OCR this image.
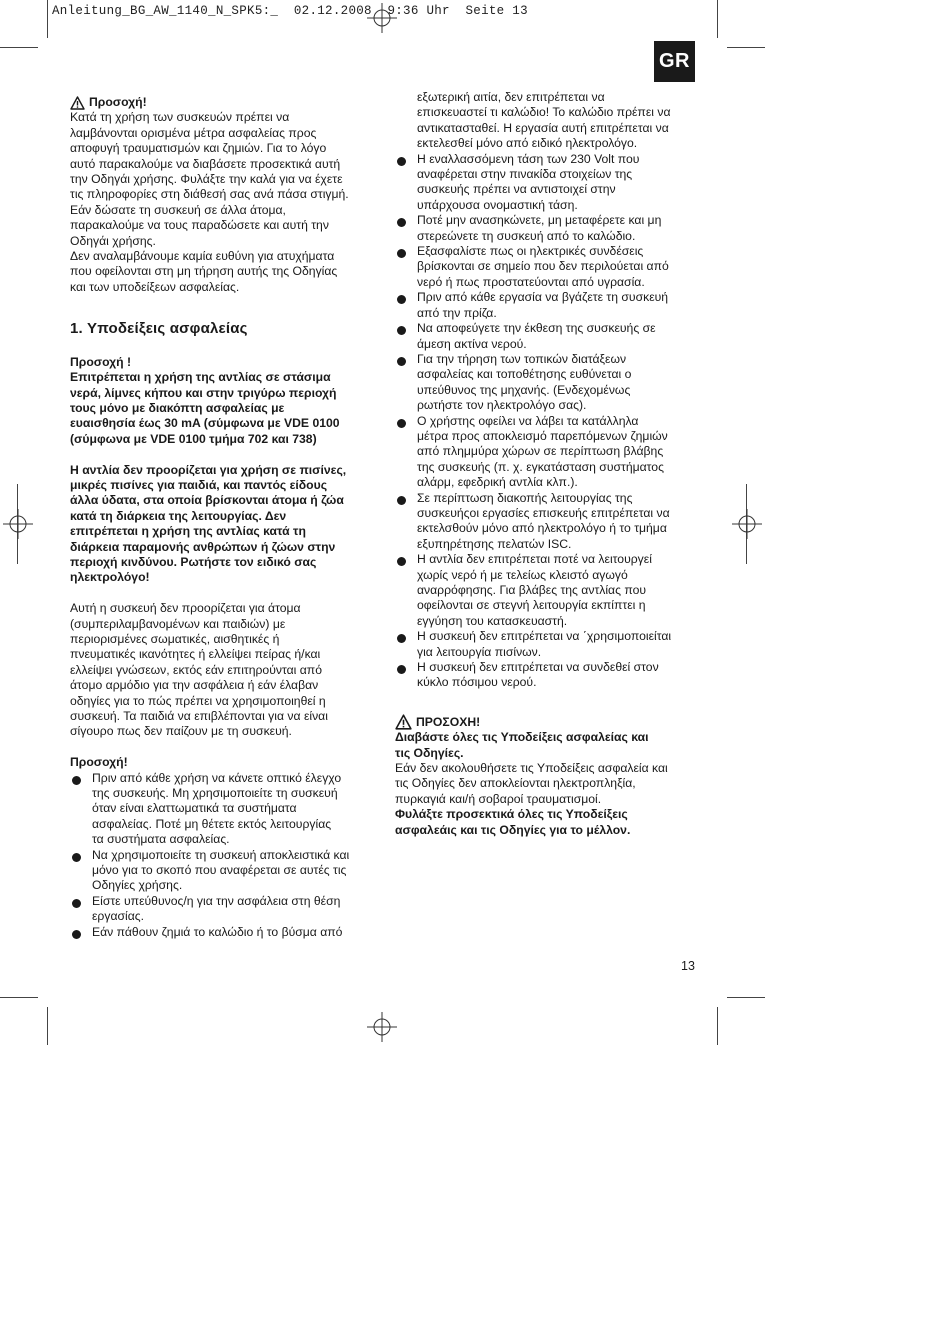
Anleitung_BG_AW_1140_N_SPK5:_  02.12.2008  9:36 Uhr  Seite 13
GR
Προσοχή!
Κατά τη χρήση των συσκευών πρέπει να
λαμβάνονται ορισμένα μέτρα ασφαλείας προς
αποφυγή τραυματισμών και ζημιών. Για το λόγο
αυτό παρακαλούμε να διαβάσετε προσεκτικά αυτή
την Οδηγάι χρήσης. Φυλάξτε την καλά για να έχετε
τις πληροφορίες στη διάθεσή σας ανά πάσα στιγμή.
Εάν δώσατε τη συσκευή σε άλλα άτομα,
παρακαλούμε να τους παραδώσετε και αυτή την
Οδηγάι χρήσης.
Δεν αναλαμβάνουμε καμία ευθύνη για ατυχήματα
που οφείλονται στη μη τήρηση αυτής της Οδηγίας
και των υποδείξεων ασφαλείας.
1. Υποδείξεις ασφαλείας
Προσοχή !
Επιτρέπεται η χρήση της αντλίας σε στάσιμα
νερά, λίμνες κήπου και στην τριγύρω περιοχή
τους μόνο με διακόπτη ασφαλείας με
ευαισθησία έως 30 mA (σύμφωνα με VDE 0100
(σύμφωνα με VDE 0100 τμήμα 702 και 738)
Η αντλία δεν προορίζεται για χρήση σε πισίνες,
μικρές πισίνες για παιδιά, και παντός είδους
άλλα ύδατα, στα οποία βρίσκονται άτομα ή ζώα
κατά τη διάρκεια της λειτουργίας. Δεν
επιτρέπεται η χρήση της αντλίας κατά τη
διάρκεια παραμονής ανθρώπων ή ζώων στην
περιοχή κινδύνου. Ρωτήστε τον ειδικό σας
ηλεκτρολόγο!
Αυτή η συσκευή δεν προορίζεται για άτομα
(συμπεριλαμβανομένων και παιδιών) με
περιορισμένες σωματικές, αισθητικές ή
πνευματικές ικανότητες ή ελλείψει πείρας ή/και
ελλείψει γνώσεων, εκτός εάν επιτηρούνται από
άτομο αρμόδιο για την ασφάλεια ή εάν έλαβαν
οδηγίες για το πώς πρέπει να χρησιμοποιηθεί η
συσκευή. Τα παιδιά να επιβλέπονται για να είναι
σίγουρο πως δεν παίζουν με τη συσκευή.
Προσοχή!
Πριν από κάθε χρήση να κάνετε οπτικό έλεγχο
της συσκευής. Μη χρησιμοποιείτε τη συσκευή
όταν είναι ελαττωματικά τα συστήματα
ασφαλείας. Ποτέ μη θέτετε εκτός λειτουργίας
τα συστήματα ασφαλείας.
Να χρησιμοποιείτε τη συσκευή αποκλειστικά και
μόνο για το σκοπό που αναφέρεται σε αυτές τις
Οδηγίες χρήσης.
Είστε υπεύθυνος/η για την ασφάλεια στη θέση
εργασίας.
Εάν πάθουν ζημιά το καλώδιο ή το βύσμα από
εξωτερική αιτία, δεν επιτρέπεται να
επισκευαστεί τι καλώδιο! Το καλώδιο πρέπει να
αντικατασταθεί. Η εργασία αυτή επιτρέπεται να
εκτελεσθεί μόνο από ειδικό ηλεκτρολόγο.
Η εναλλασσόμενη τάση των 230 Volt που
αναφέρεται στην πινακίδα στοιχείων της
συσκευής πρέπει να αντιστοιχεί στην
υπάρχουσα ονομαστική τάση.
Ποτέ μην ανασηκώνετε, μη μεταφέρετε και μη
στερεώνετε τη συσκευή από το καλώδιο.
Εξασφαλίστε πως οι ηλεκτρικές συνδέσεις
βρίσκονται σε σημείο που δεν περιλούεται από
νερό ή πως προστατεύονται από υγρασία.
Πριν από κάθε εργασία να βγάζετε τη συσκευή
από την πρίζα.
Να αποφεύγετε την έκθεση της συσκευής σε
άμεση ακτίνα νερού.
Για την τήρηση των τοπικών διατάξεων
ασφαλείας και τοποθέτησης ευθύνεται ο
υπεύθυνος της μηχανής. (Ενδεχομένως
ρωτήστε τον ηλεκτρολόγο σας).
Ο χρήστης οφείλει να λάβει τα κατάλληλα
μέτρα προς αποκλεισμό παρεπόμενων ζημιών
από πλημμύρα χώρων σε περίπτωση βλάβης
της συσκευής (π. χ. εγκατάσταση συστήματος
αλάρμ, εφεδρική αντλία κλπ.).
Σε περίπτωση διακοπής λειτουργίας της
συσκευήςοι εργασίες επισκευής επιτρέπεται να
εκτελσθούν μόνο από ηλεκτρολόγο ή το τμήμα
εξυπηρέτησης πελατών ISC.
Η αντλία δεν επιτρέπεται ποτέ να λειτουργεί
χωρίς νερό ή με τελείως κλειστό αγωγό
αναρρόφησης. Για βλάβες της αντλίας που
οφείλονται σε στεγνή λειτουργία εκπίπτει η
εγγύηση του κατασκευαστή.
Η συσκευή δεν επιτρέπεται να ΄χρησιμοποιείται
για λειτουργία πισίνων.
Η συσκευή δεν επιτρέπεται να συνδεθεί στον
κύκλο πόσιμου νερού.
ΠΡΟΣΟΧΗ!
Διαβάστε όλες τις Υποδείξεις ασφαλείας και
τις Οδηγίες.
Εάν δεν ακολουθήσετε τις Υποδείξεις ασφαλεία και
τις Οδηγίες δεν αποκλείονται ηλεκτροπληξία,
πυρκαγιά και/ή σοβαροί τραυματισμοί.
Φυλάξτε προσεκτικά όλες τις Υποδείξεις
ασφαλεάις και τις Οδηγίες για το μέλλον.
13
